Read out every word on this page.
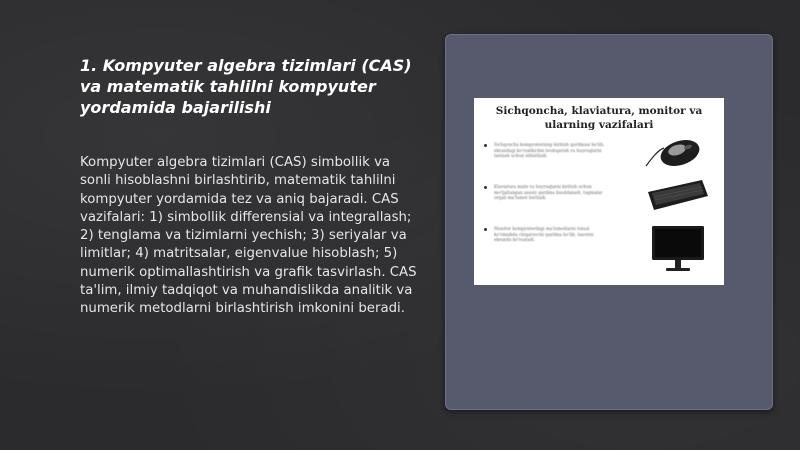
1. Kompyuter algebra tizimlari (CAS) va matematik tahlilni kompyuter yordamida bajarilishi
Kompyuter algebra tizimlari (CAS) simbollik va sonli hisoblashni birlashtirib, matematik tahlilni kompyuter yordamida tez va aniq bajaradi. CAS vazifalari: 1) simbollik differensial va integrallash; 2) tenglama va tizimlarni yechish; 3) seriyalar va limitlar; 4) matritsalar, eigenvalue hisoblash; 5) numerik optimallashtirish va grafik tasvirlash. CAS ta'lim, ilmiy tadqiqot va muhandislikda analitik va numerik metodlarni birlashtirish imkonini beradi.
Sichqoncha, klaviatura, monitor va ularning vazifalari
Sichqoncha kompyuterning kiritish qurilmasi bo'lib, ekrandagi ko'rsatkichni boshqarish va buyruqlarni tanlash uchun ishlatiladi.
Klaviatura matn va buyruqlarni kiritish uchun mo'ljallangan asosiy qurilma hisoblanadi, tugmalar orqali ma'lumot beriladi.
Monitor kompyuterdagi ma'lumotlarni vizual ko'rinishda chiqaruvchi qurilma bo'lib, tasvirni ekranda ko'rsatadi.
